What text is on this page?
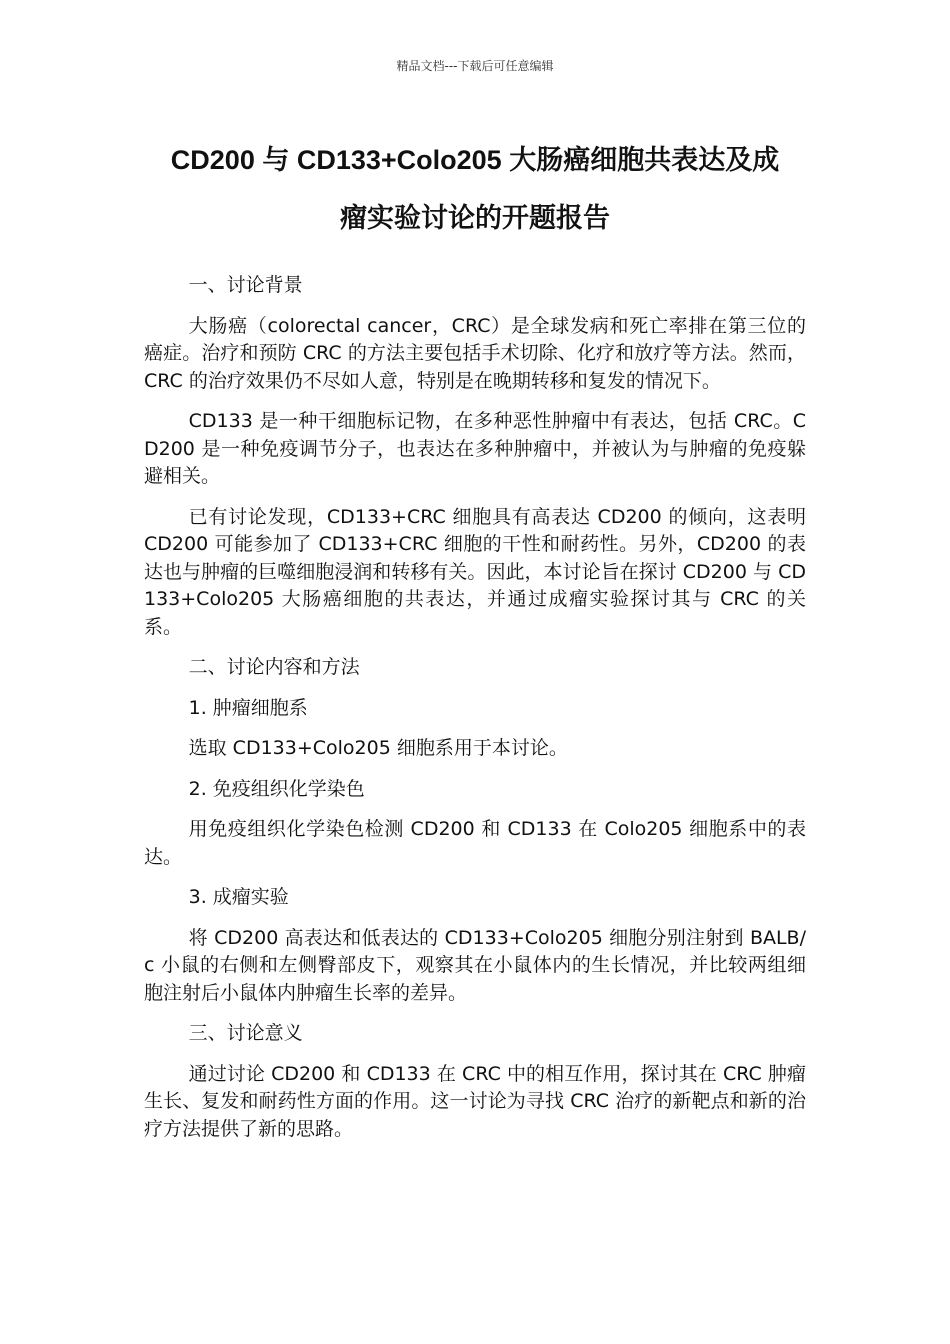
精品文档---下载后可任意编辑
CD200 与 CD133+Colo205 大肠癌细胞共表达及成
瘤实验讨论的开题报告

一、讨论背景

大肠癌（colorectal cancer，CRC）是全球发病和死亡率排在第三位的癌症。治疗和预防 CRC 的方法主要包括手术切除、化疗和放疗等方法。然而，CRC 的治疗效果仍不尽如人意，特别是在晚期转移和复发的情况下。

CD133 是一种干细胞标记物，在多种恶性肿瘤中有表达，包括 CRC。CD200 是一种免疫调节分子，也表达在多种肿瘤中，并被认为与肿瘤的免疫躲避相关。

已有讨论发现，CD133+CRC 细胞具有高表达 CD200 的倾向，这表明 CD200 可能参加了 CD133+CRC 细胞的干性和耐药性。另外，CD200 的表达也与肿瘤的巨噬细胞浸润和转移有关。因此，本讨论旨在探讨 CD200 与 CD133+Colo205 大肠癌细胞的共表达，并通过成瘤实验探讨其与 CRC 的关系。

二、讨论内容和方法

1. 肿瘤细胞系

选取 CD133+Colo205 细胞系用于本讨论。

2. 免疫组织化学染色

用免疫组织化学染色检测 CD200 和 CD133 在 Colo205 细胞系中的表达。

3. 成瘤实验

将 CD200 高表达和低表达的 CD133+Colo205 细胞分别注射到 BALB/c 小鼠的右侧和左侧臀部皮下，观察其在小鼠体内的生长情况，并比较两组细胞注射后小鼠体内肿瘤生长率的差异。

三、讨论意义

通过讨论 CD200 和 CD133 在 CRC 中的相互作用，探讨其在 CRC 肿瘤生长、复发和耐药性方面的作用。这一讨论为寻找 CRC 治疗的新靶点和新的治疗方法提供了新的思路。
